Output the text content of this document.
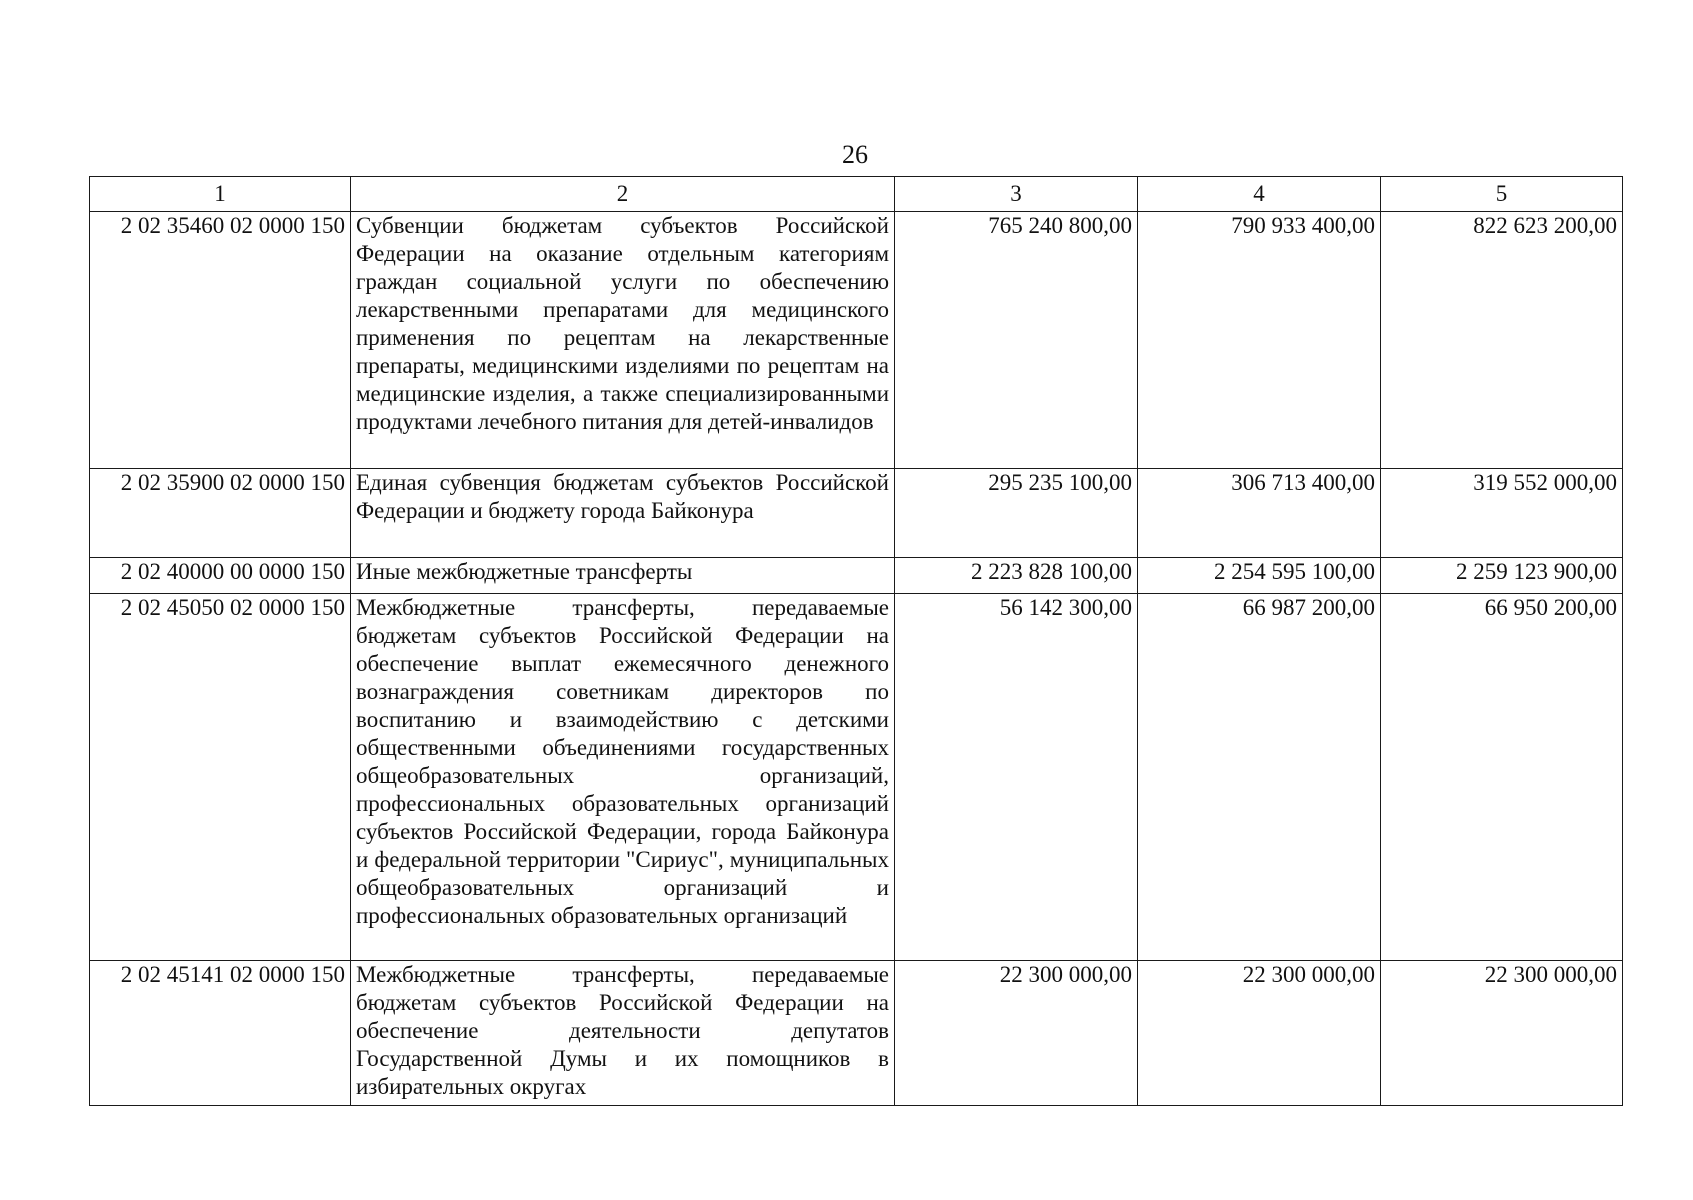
26
1	2	3	4	5
2 02 35460 02 0000 150	Субвенции бюджетам субъектов Российской Федерации на оказание отдельным категориям граждан социальной услуги по обеспечению лекарственными препаратами для медицинского применения по рецептам на лекарственные препараты, медицинскими изделиями по рецептам на медицинские изделия, а также специализированными продуктами лечебного питания для детей-инвалидов	765 240 800,00	790 933 400,00	822 623 200,00
2 02 35900 02 0000 150	Единая субвенция бюджетам субъектов Российской Федерации и бюджету города Байконура	295 235 100,00	306 713 400,00	319 552 000,00
2 02 40000 00 0000 150	Иные межбюджетные трансферты	2 223 828 100,00	2 254 595 100,00	2 259 123 900,00
2 02 45050 02 0000 150	Межбюджетные трансферты, передаваемые бюджетам субъектов Российской Федерации на обеспечение выплат ежемесячного денежного вознаграждения советникам директоров по воспитанию и взаимодействию с детскими общественными объединениями государственных общеобразовательных организаций, профессиональных образовательных организаций субъектов Российской Федерации, города Байконура и федеральной территории "Сириус", муниципальных общеобразовательных организаций и профессиональных образовательных организаций	56 142 300,00	66 987 200,00	66 950 200,00
2 02 45141 02 0000 150	Межбюджетные трансферты, передаваемые бюджетам субъектов Российской Федерации на обеспечение деятельности депутатов Государственной Думы и их помощников в избирательных округах	22 300 000,00	22 300 000,00	22 300 000,00
